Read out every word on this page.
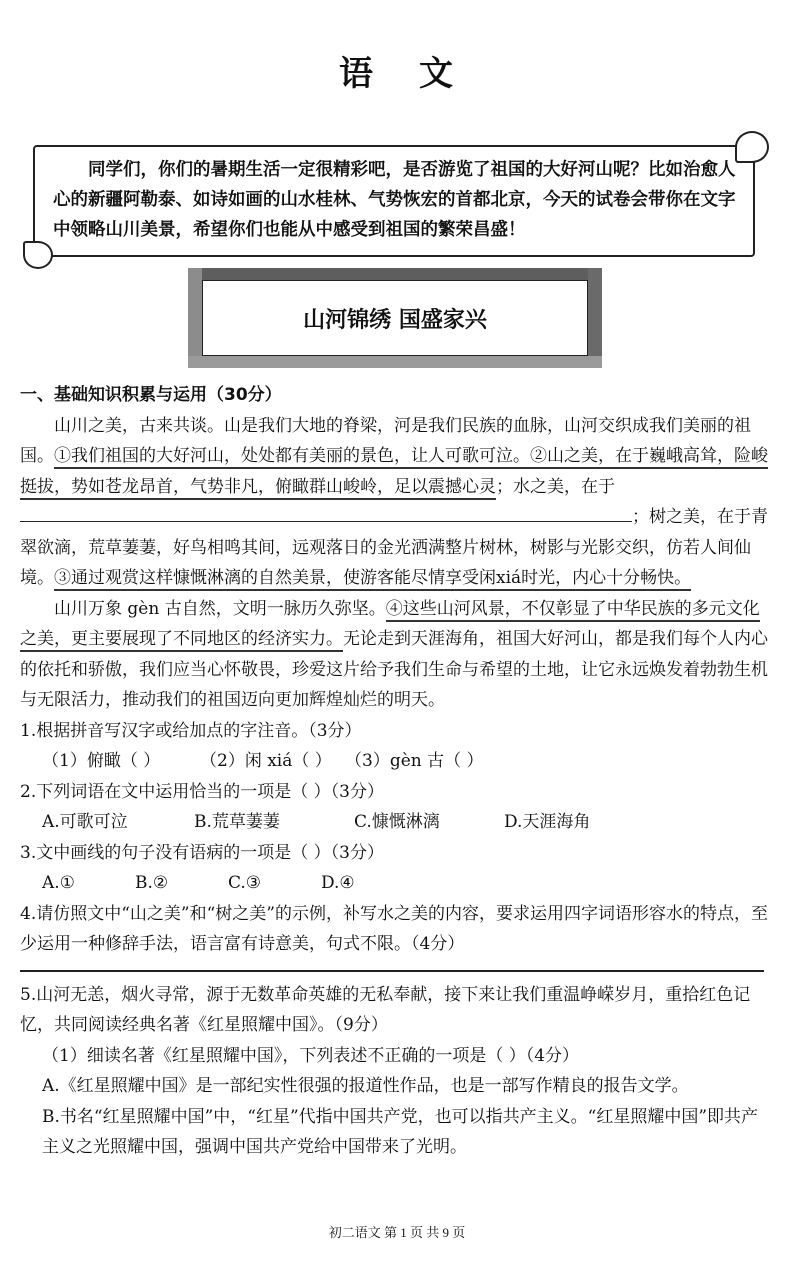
语 文

同学们，你们的暑期生活一定很精彩吧，是否游览了祖国的大好河山呢？比如治愈人心的新疆阿勒泰、如诗如画的山水桂林、气势恢宏的首都北京，今天的试卷会带你在文字中领略山川美景，希望你们也能从中感受到祖国的繁荣昌盛！

山河锦绣 国盛家兴
一、基础知识积累与运用（30分）

山川之美，古来共谈。山是我们大地的脊梁，河是我们民族的血脉，山河交织成我们美丽的祖国。①我们祖国的大好河山，处处都有美丽的景色，让人可歌可泣。②山之美，在于巍峨高耸，险峻挺拔，势如苍龙昂首，气势非凡，俯瞰群山峻岭，足以震撼心灵；水之美，在于；树之美，在于青翠欲滴，荒草萋萋，好鸟相鸣其间，远观落日的金光洒满整片树林，树影与光影交织，仿若人间仙境。③通过观赏这样慷慨淋漓的自然美景，使游客能尽情享受闲xiá时光，内心十分畅快。

山川万象 gèn 古自然，文明一脉历久弥坚。④这些山河风景，不仅彰显了中华民族的多元文化之美，更主要展现了不同地区的经济实力。无论走到天涯海角，祖国大好河山，都是我们每个人内心的依托和骄傲，我们应当心怀敬畏，珍爱这片给予我们生命与希望的土地，让它永远焕发着勃勃生机与无限活力，推动我们的祖国迈向更加辉煌灿烂的明天。

1.根据拼音写汉字或给加点的字注音。（3分）

（1）俯瞰（ ）	（2）闲 xiá（ ） （3）gèn 古（ ）

2.下列词语在文中运用恰当的一项是（ ）（3分）

A.可歌可泣	B.荒草萋萋	C.慷慨淋漓	D.天涯海角

3.文中画线的句子没有语病的一项是（ ）（3分）

A.①	B.②	C.③	D.④

4.请仿照文中“山之美”和“树之美”的示例，补写水之美的内容，要求运用四字词语形容水的特点，至少运用一种修辞手法，语言富有诗意美，句式不限。（4分）

5.山河无恙，烟火寻常，源于无数革命英雄的无私奉献，接下来让我们重温峥嵘岁月，重拾红色记忆，共同阅读经典名著《红星照耀中国》。（9分）

（1）细读名著《红星照耀中国》，下列表述不正确的一项是（ ）（4分）

A.《红星照耀中国》是一部纪实性很强的报道性作品，也是一部写作精良的报告文学。

B.书名“红星照耀中国”中，“红星”代指中国共产党，也可以指共产主义。“红星照耀中国”即共产主义之光照耀中国，强调中国共产党给中国带来了光明。

初二语文 第 1 页 共 9 页
